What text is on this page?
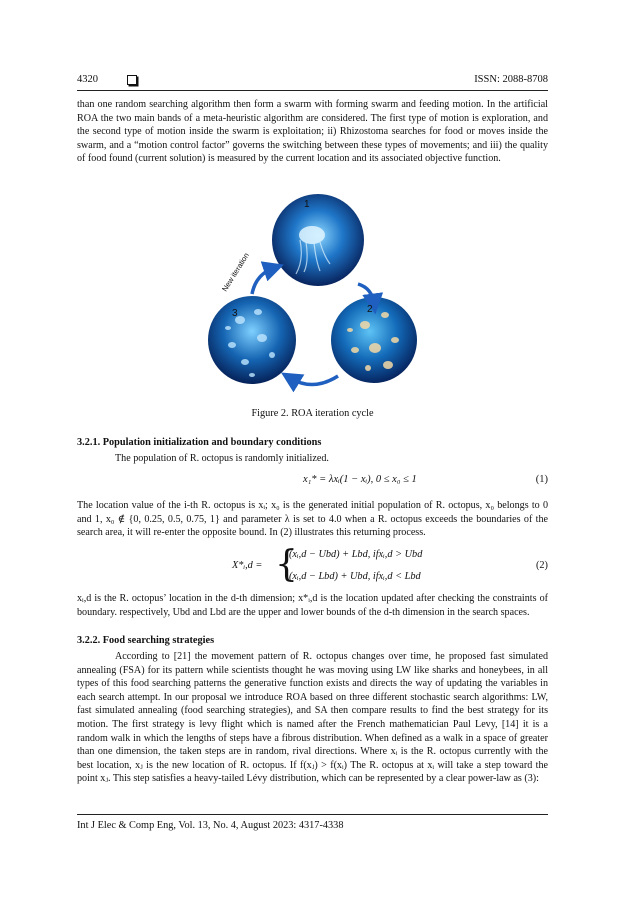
4320	ISSN: 2088-8708
than one random searching algorithm then form a swarm with forming swarm and feeding motion. In the artificial ROA the two main bands of a meta-heuristic algorithm are considered. The first type of motion is exploration, and the second type of motion inside the swarm is exploitation; ii) Rhizostoma searches for food or moves inside the swarm, and a “motion control factor” governs the switching between these types of movements; and iii) the quality of food found (current solution) is measured by the current location and its associated objective function.
1
2
3
New iteration
Figure 2. ROA iteration cycle
3.2.1. Population initialization and boundary conditions
The population of R. octopus is randomly initialized.
x₁* = λxᵢ(1 − xᵢ), 0 ≤ x₀ ≤ 1	(1)
The location value of the i-th R. octopus is xᵢ; x₀ is the generated initial population of R. octopus, x₀ belongs to 0 and 1, x₀ ∉ {0, 0.25, 0.5, 0.75, 1} and parameter λ is set to 4.0 when a R. octopus exceeds the boundaries of the search area, it will re-enter the opposite bound. In (2) illustrates this returning process.
X*ᵢ,d = {
(xᵢ,d − Ubd) + Lbd, ifxᵢ,d > Ubd
(xᵢ,d − Lbd) + Ubd, ifxᵢ,d < Lbd
(2)
xᵢ,d is the R. octopus’ location in the d-th dimension; x*ᵢ,d is the location updated after checking the constraints of boundary. respectively, Ubd and Lbd are the upper and lower bounds of the d-th dimension in the search spaces.
3.2.2. Food searching strategies
According to [21] the movement pattern of R. octopus changes over time, he proposed fast simulated annealing (FSA) for its pattern while scientists thought he was moving using LW like sharks and honeybees, in all types of this food searching patterns the generative function exists and directs the way of updating the variables in each search attempt. In our proposal we introduce ROA based on three different stochastic search algorithms: LW, fast simulated annealing (food searching strategies), and SA then compare results to find the best strategy for its motion. The first strategy is levy flight which is named after the French mathematician Paul Levy, [14] it is a random walk in which the lengths of steps have a fibrous distribution. When defined as a walk in a space of greater than one dimension, the taken steps are in random, rival directions. Where xᵢ is the R. octopus currently with the best location, xⱼ is the new location of R. octopus. If f(xⱼ) > f(xᵢ) The R. octopus at xᵢ will take a step toward the point xⱼ. This step satisfies a heavy-tailed Lévy distribution, which can be represented by a clear power-law as (3):
Int J Elec & Comp Eng, Vol. 13, No. 4, August 2023: 4317-4338
